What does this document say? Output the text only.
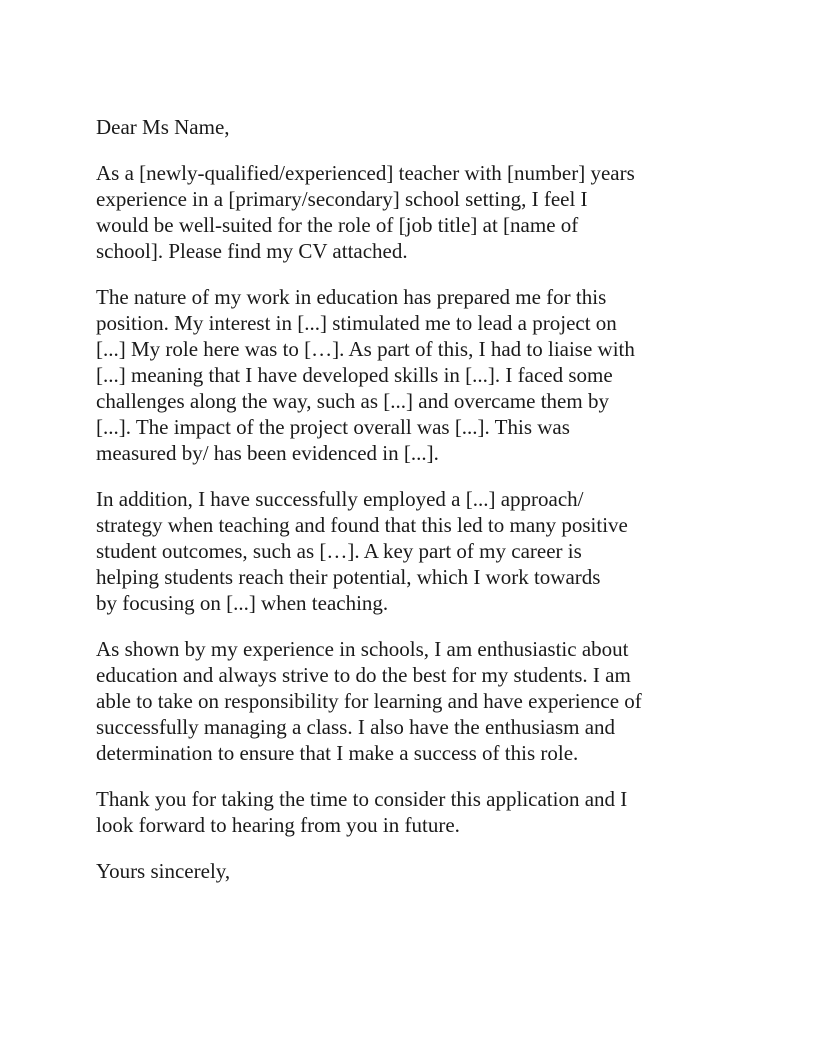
Dear Ms Name,

As a [newly-qualified/experienced] teacher with [number] years
experience in a [primary/secondary] school setting, I feel I
would be well-suited for the role of [job title] at [name of
school]. Please find my CV attached.

The nature of my work in education has prepared me for this
position. My interest in [...] stimulated me to lead a project on
[...] My role here was to […]. As part of this, I had to liaise with
[...] meaning that I have developed skills in [...]. I faced some
challenges along the way, such as [...] and overcame them by
[...]. The impact of the project overall was [...]. This was
measured by/ has been evidenced in [...].

In addition, I have successfully employed a [...] approach/
strategy when teaching and found that this led to many positive
student outcomes, such as […]. A key part of my career is
helping students reach their potential, which I work towards
by focusing on [...] when teaching.

As shown by my experience in schools, I am enthusiastic about
education and always strive to do the best for my students. I am
able to take on responsibility for learning and have experience of
successfully managing a class. I also have the enthusiasm and
determination to ensure that I make a success of this role.

Thank you for taking the time to consider this application and I
look forward to hearing from you in future.

Yours sincerely,
